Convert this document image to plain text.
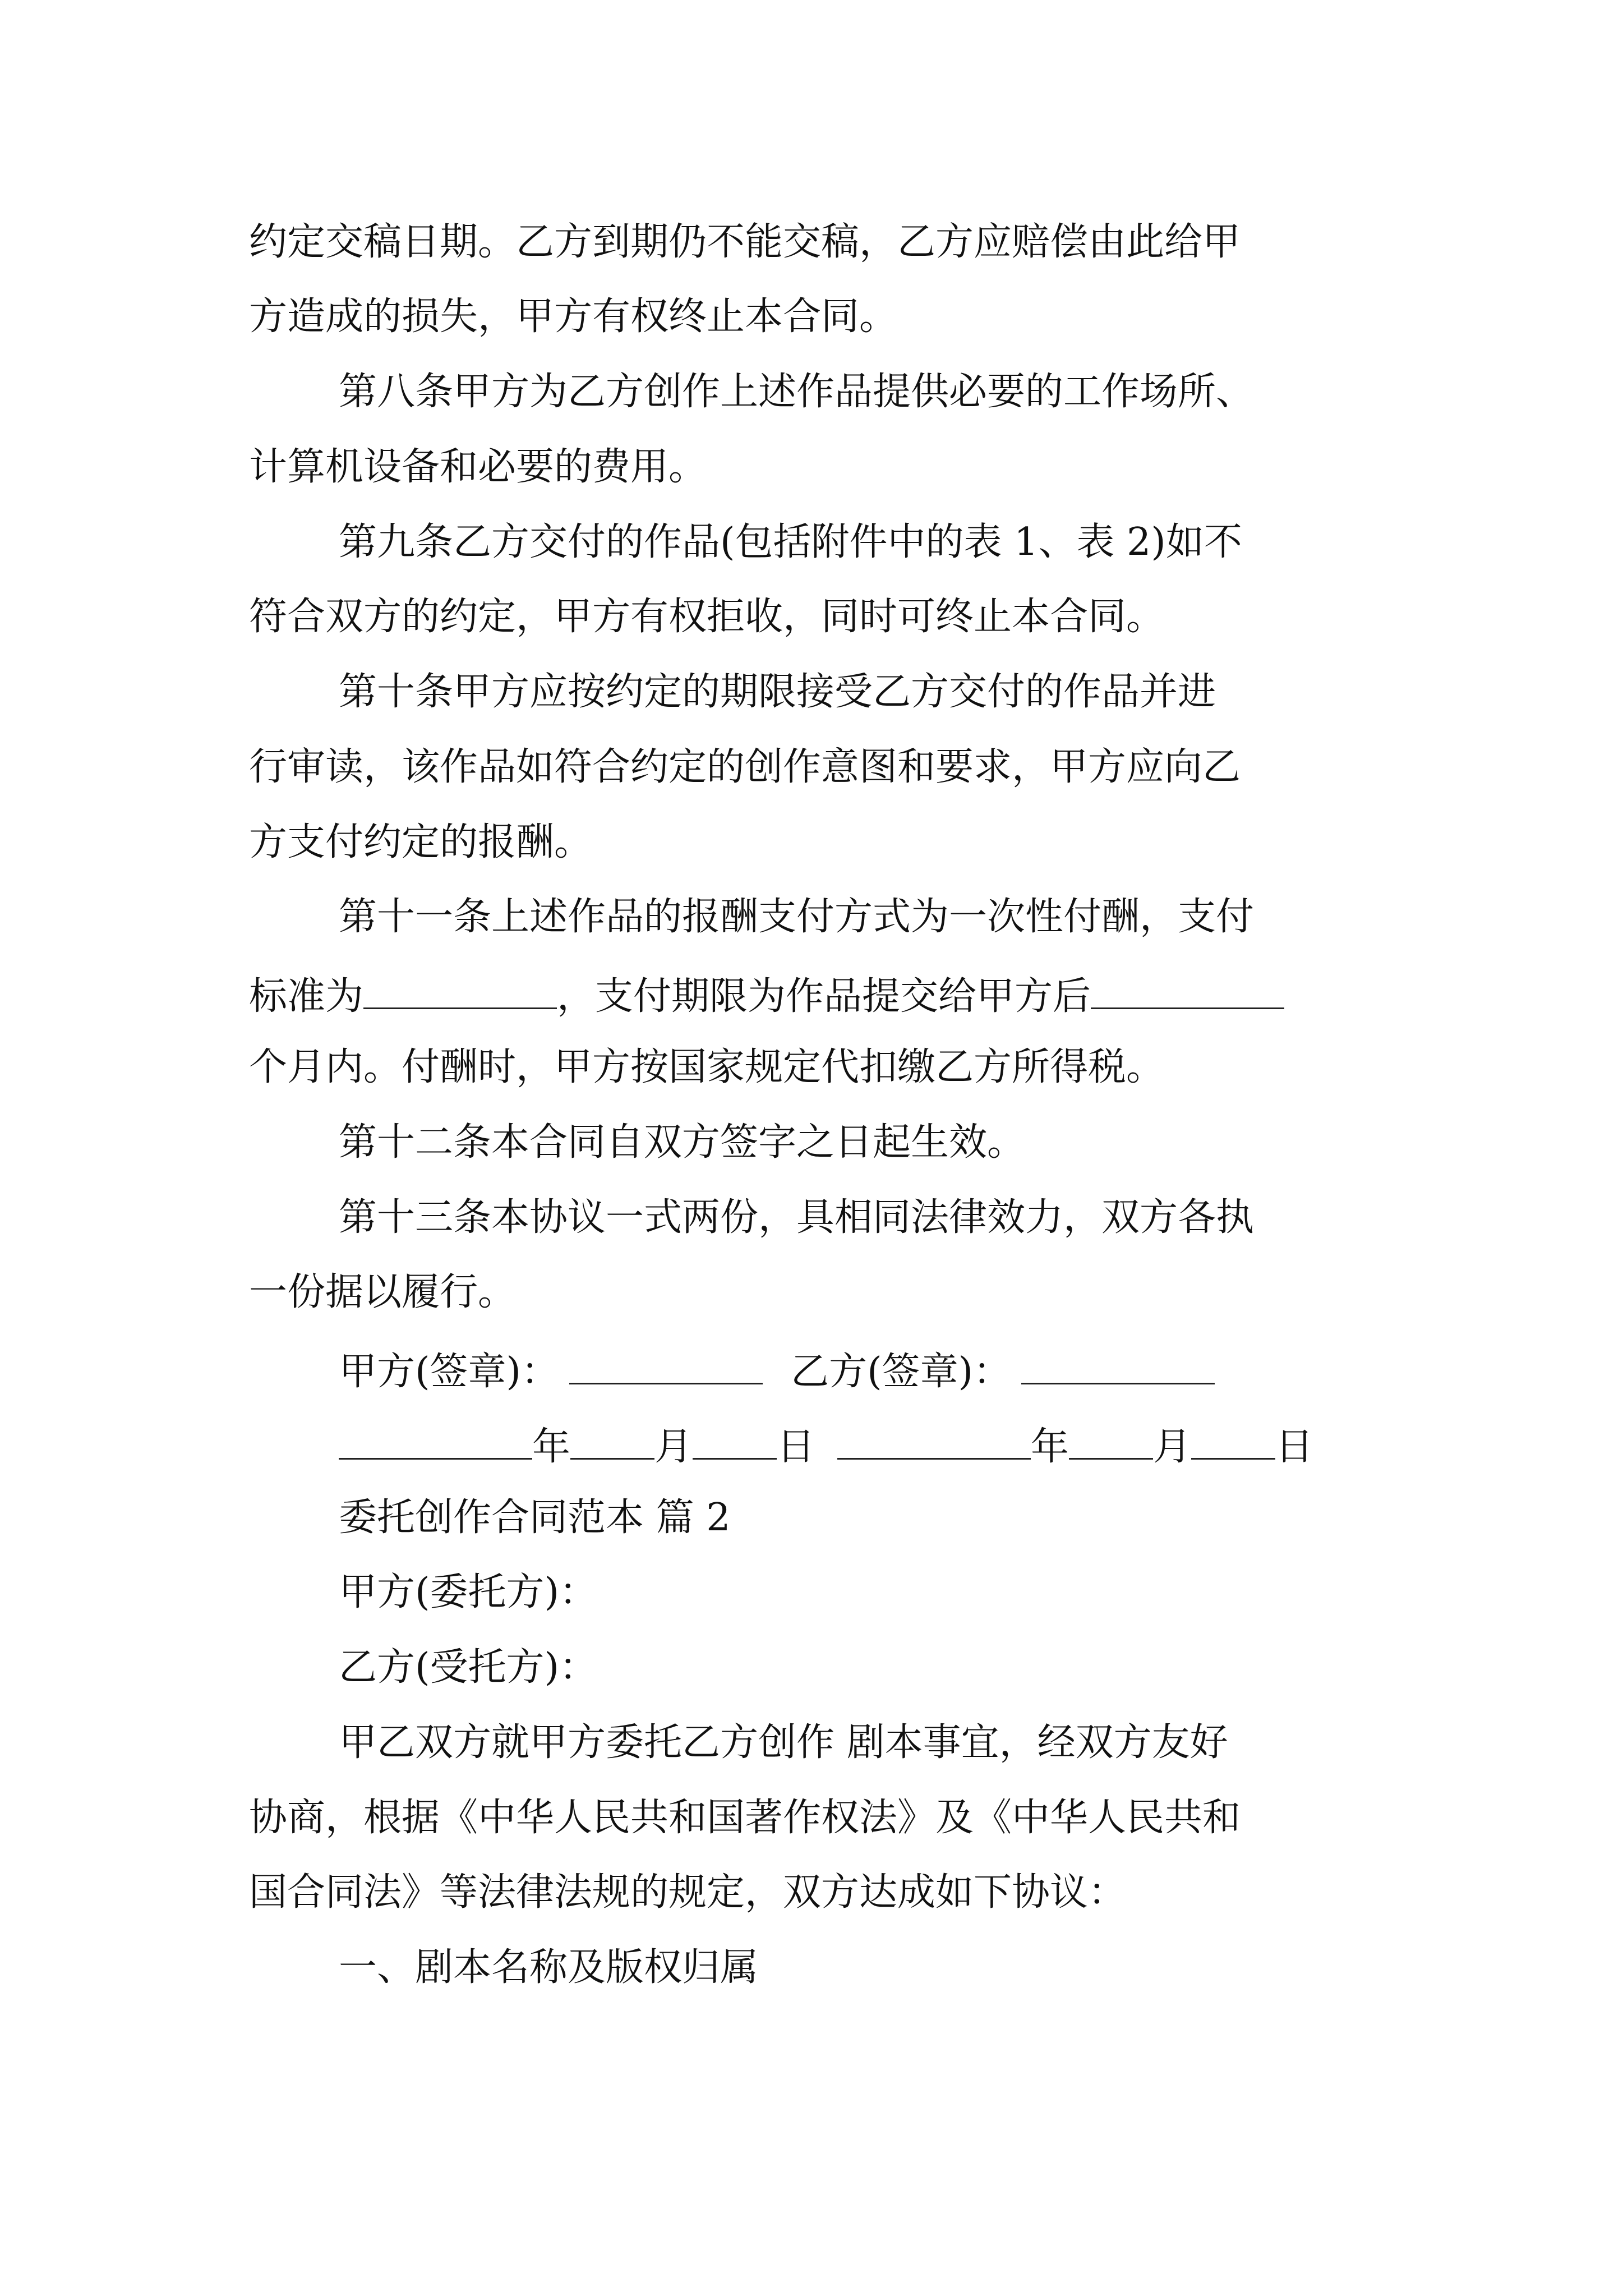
约定交稿日期。乙方到期仍不能交稿，乙方应赔偿由此给甲
方造成的损失，甲方有权终止本合同。
第八条甲方为乙方创作上述作品提供必要的工作场所、
计算机设备和必要的费用。
第九条乙方交付的作品(包括附件中的表 1、表 2)如不
符合双方的约定，甲方有权拒收，同时可终止本合同。
第十条甲方应按约定的期限接受乙方交付的作品并进
行审读，该作品如符合约定的创作意图和要求，甲方应向乙
方支付约定的报酬。
第十一条上述作品的报酬支付方式为一次性付酬，支付
标准为	，支付期限为作品提交给甲方后
个月内。付酬时，甲方按国家规定代扣缴乙方所得税。
第十二条本合同自双方签字之日起生效。
第十三条本协议一式两份，具相同法律效力，双方各执
一份据以履行。
甲方(签章)：	乙方(签章)：
年 月 日	年 月 日
委托创作合同范本 篇 2
甲方(委托方)：
乙方(受托方)：
甲乙双方就甲方委托乙方创作 剧本事宜，经双方友好
协商，根据《中华人民共和国著作权法》及《中华人民共和
国合同法》等法律法规的规定，双方达成如下协议：
一、剧本名称及版权归属
